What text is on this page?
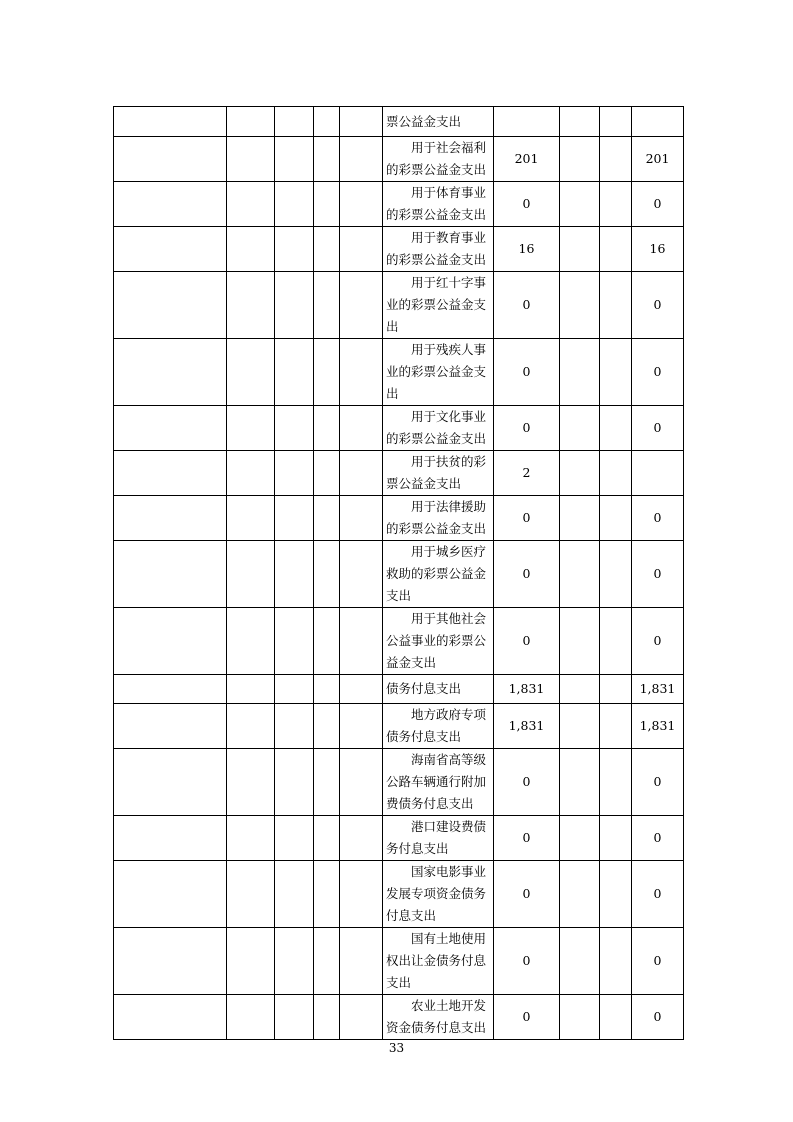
					票公益金支出				
					用于社会福利的彩票公益金支出	201			201
					用于体育事业的彩票公益金支出	0			0
					用于教育事业的彩票公益金支出	16			16
					用于红十字事业的彩票公益金支出	0			0
					用于残疾人事业的彩票公益金支出	0			0
					用于文化事业的彩票公益金支出	0			0
					用于扶贫的彩票公益金支出	2			
					用于法律援助的彩票公益金支出	0			0
					用于城乡医疗救助的彩票公益金支出	0			0
					用于其他社会公益事业的彩票公益金支出	0			0
					债务付息支出	1,831			1,831
					地方政府专项债务付息支出	1,831			1,831
					海南省高等级公路车辆通行附加费债务付息支出	0			0
					港口建设费债务付息支出	0			0
					国家电影事业发展专项资金债务付息支出	0			0
					国有土地使用权出让金债务付息支出	0			0
					农业土地开发资金债务付息支出	0			0
33
